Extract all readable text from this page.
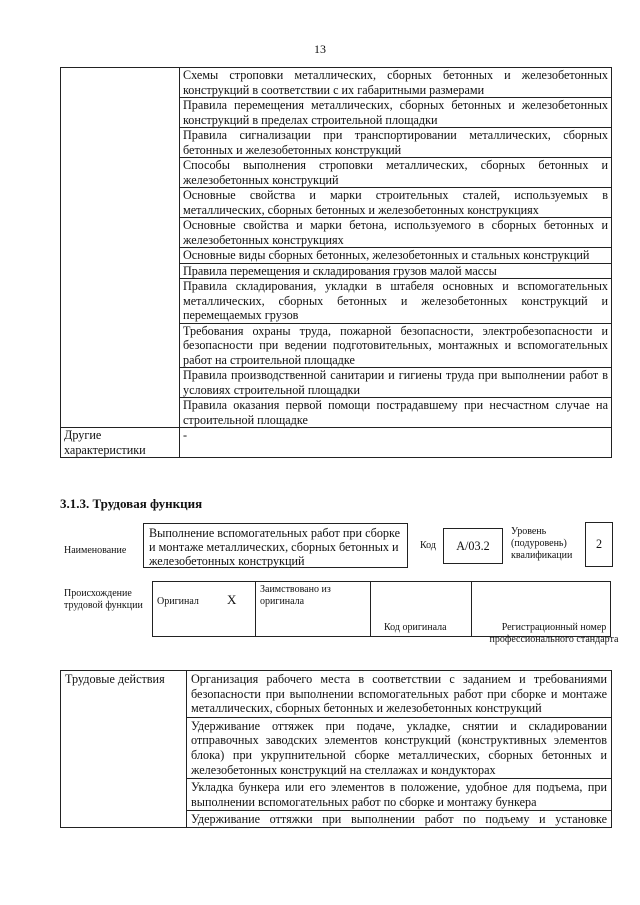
13
	Схемы строповки металлических, сборных бетонных и железобетонных конструкций в соответствии с их габаритными размерами
	Правила перемещения металлических, сборных бетонных и железобетонных конструкций в пределах строительной площадки
	Правила сигнализации при транспортировании металлических, сборных бетонных и железобетонных конструкций
	Способы выполнения строповки металлических, сборных бетонных и железобетонных конструкций
	Основные свойства и марки строительных сталей, используемых в металлических, сборных бетонных и железобетонных конструкциях
	Основные свойства и марки бетона, используемого в сборных бетонных и железобетонных конструкциях
	Основные виды сборных бетонных, железобетонных и стальных конструкций
	Правила перемещения и складирования грузов малой массы
	Правила складирования, укладки в штабеля основных и вспомогательных металлических, сборных бетонных и железобетонных конструкций и перемещаемых грузов
	Требования охраны труда, пожарной безопасности, электробезопасности и безопасности при ведении подготовительных, монтажных и вспомогательных работ на строительной площадке
	Правила производственной санитарии и гигиены труда при выполнении работ в условиях строительной площадки
	Правила оказания первой помощи пострадавшему при несчастном случае на строительной площадке
Другие характеристики	-
3.1.3. Трудовая функция
Наименование
Выполнение вспомогательных работ при сборке и монтаже металлических, сборных бетонных и железобетонных конструкций
Код	А/03.2
Уровень (подуровень) квалификации
2
Происхождение трудовой функции Оригинал	Х	Заимствовано из оригинала		
Код оригинала	Регистрационный номер профессионального стандарта
Трудовые действия	Организация рабочего места в соответствии с заданием и требованиями безопасности при выполнении вспомогательных работ при сборке и монтаже металлических, сборных бетонных и железобетонных конструкций
Удерживание оттяжек при подаче, укладке, снятии и складировании отправочных заводских элементов конструкций (конструктивных элементов блока) при укрупнительной сборке металлических, сборных бетонных и железобетонных конструкций на стеллажах и кондукторах
Укладка бункера или его элементов в положение, удобное для подъема, при выполнении вспомогательных работ по сборке и монтажу бункера

Удерживание оттяжки при выполнении работ по подъему и установке
